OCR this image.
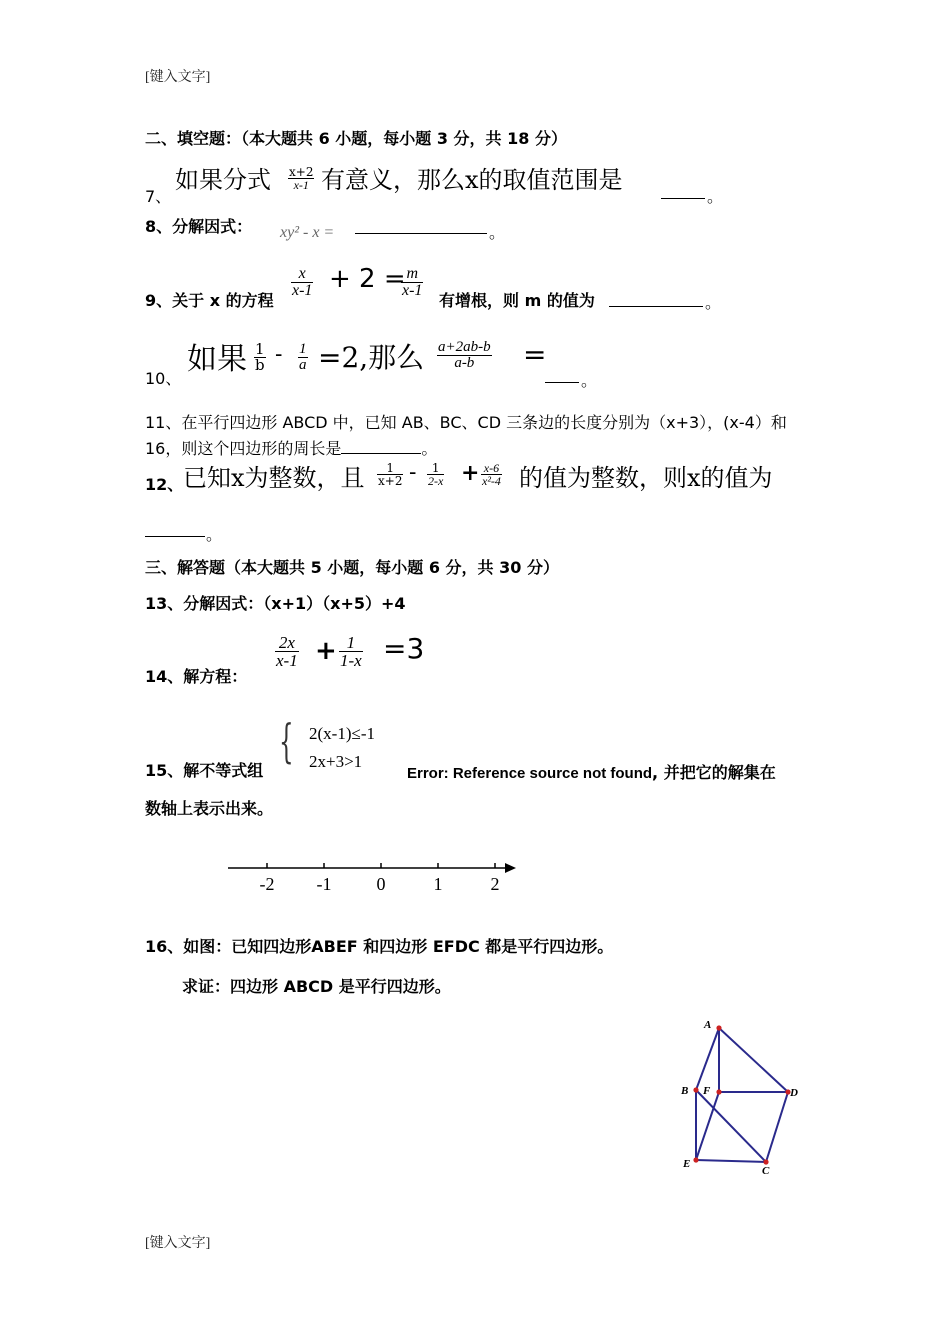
[键入文字]
二、填空题：（本大题共 6 小题，每小题 3 分，共 18 分）
7、
如果分式 $\frac{x+2}{x-1}$ 有意义，那么x的取值范围是
。
8、分解因式： xy² - x =	。
9、关于 x 的方程
$\frac{x}{x-1} + 2$ =
$\frac{m}{x-1}$
有增根，则 m 的值为	。
10、
如果 $\frac{1}{b} - \frac{1}{a} =2$,那么 $\frac{a+2ab-b}{a-b}$ =
。
11、在平行四边形 ABCD 中，已知 AB、BC、CD 三条边的长度分别为（x+3），(x-4）和
16，则这个四边形的周长是	。
12、 已知x为整数，且 $\frac{1}{x+2} - \frac{1}{2-x} + \frac{x-6}{\text{x²-4}}$ 的值为整数，则x的值为
。
三、解答题（本大题共 5 小题，每小题 6 分，共 30 分）
13、分解因式：（x+1）（x+5）+4
14、解方程：
$\frac{2x}{x-1} + \frac{1}{1-x} =3$
15、解不等式组
{ 2(x-1)≤-1
2x+3>1
Error: Reference source not found, 并把它的解集在
数轴上表示出来。
-2 -1	0	1	2
16、如图：已知四边形ABEF 和四边形 EFDC 都是平行四边形。
求证：四边形 ABCD 是平行四边形。
A
B F	D
E
C
[键入文字]
